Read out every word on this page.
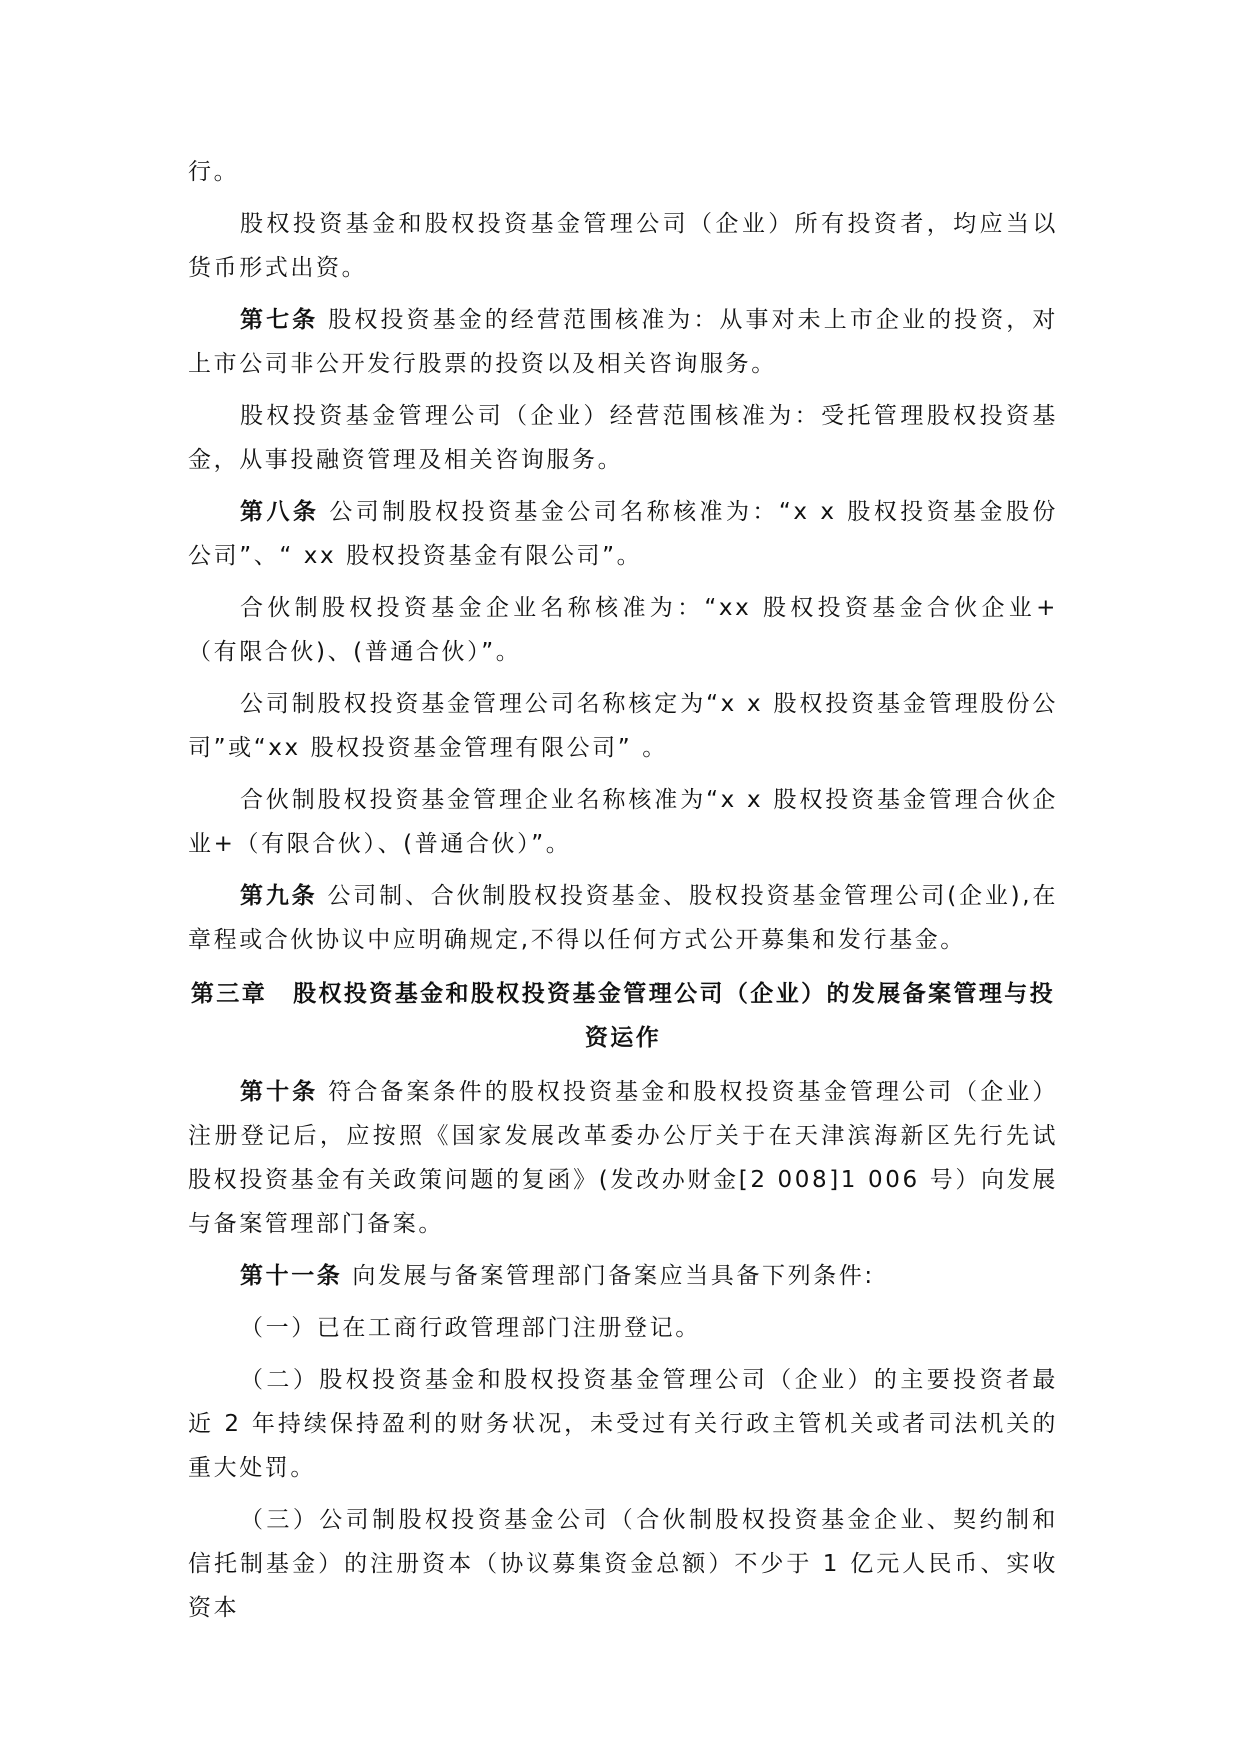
行。

股权投资基金和股权投资基金管理公司（企业）所有投资者，均应当以货币形式出资。

第七条 股权投资基金的经营范围核准为：从事对未上市企业的投资，对上市公司非公开发行股票的投资以及相关咨询服务。

股权投资基金管理公司（企业）经营范围核准为：受托管理股权投资基金，从事投融资管理及相关咨询服务。

第八条 公司制股权投资基金公司名称核准为：“x x 股权投资基金股份公司”、“ xx 股权投资基金有限公司”。

合伙制股权投资基金企业名称核准为：“xx 股权投资基金合伙企业+（有限合伙)、(普通合伙）”。

公司制股权投资基金管理公司名称核定为“x x 股权投资基金管理股份公司”或“xx 股权投资基金管理有限公司” 。

合伙制股权投资基金管理企业名称核准为“x x 股权投资基金管理合伙企业+（有限合伙）、(普通合伙）”。

第九条 公司制、合伙制股权投资基金、股权投资基金管理公司(企业),在章程或合伙协议中应明确规定,不得以任何方式公开募集和发行基金。

第三章 股权投资基金和股权投资基金管理公司（企业）的发展备案管理与投资运作

第十条 符合备案条件的股权投资基金和股权投资基金管理公司（企业）注册登记后，应按照《国家发展改革委办公厅关于在天津滨海新区先行先试股权投资基金有关政策问题的复函》(发改办财金[2 008]1 006 号）向发展与备案管理部门备案。

第十一条 向发展与备案管理部门备案应当具备下列条件:

（一）已在工商行政管理部门注册登记。

（二）股权投资基金和股权投资基金管理公司（企业）的主要投资者最近 2 年持续保持盈利的财务状况，未受过有关行政主管机关或者司法机关的重大处罚。

（三）公司制股权投资基金公司（合伙制股权投资基金企业、契约制和信托制基金）的注册资本（协议募集资金总额）不少于 1 亿元人民币、实收资本
